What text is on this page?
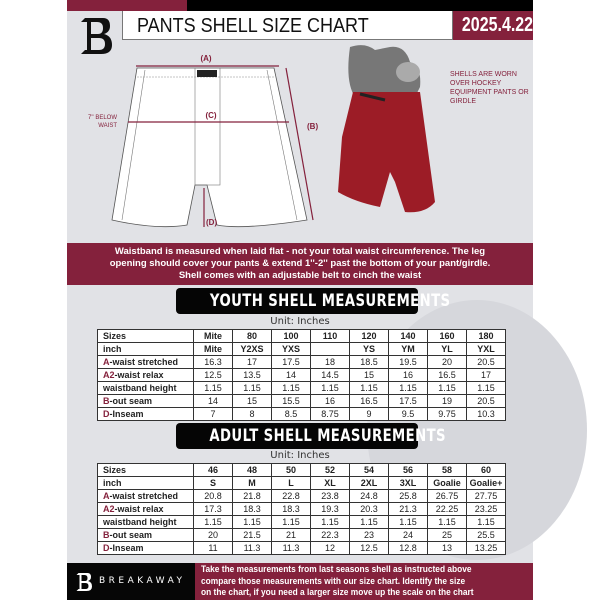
PANTS SHELL SIZE CHART	2025.4.22
(A)
(C)
(B)
(D)
7'' BELOW
WAIST
SHELLS ARE WORN OVER HOCKEY EQUIPMENT PANTS OR GIRDLE
Waistband is measured when laid flat - not your total waist circumference. The leg
opening should cover your pants & extend 1''-2'' past the bottom of your pant/girdle.
Shell comes with an adjustable belt to cinch the waist
YOUTH SHELL MEASUREMENTS
Unit: Inches
Sizes	Mite	80	100	110	120	140	160	180
inch	Mite	Y2XS	YXS		YS	YM	YL	YXL
A-waist stretched	16.3	17	17.5	18	18.5	19.5	20	20.5
A2-waist relax	12.5	13.5	14	14.5	15	16	16.5	17
waistband height	1.15	1.15	1.15	1.15	1.15	1.15	1.15	1.15
B-out seam	14	15	15.5	16	16.5	17.5	19	20.5
D-Inseam	7	8	8.5	8.75	9	9.5	9.75	10.3
ADULT SHELL MEASUREMENTS
Unit: Inches
Sizes	46	48	50	52	54	56	58	60
inch	S	M	L	XL	2XL	3XL	Goalie	Goalie+
A-waist stretched	20.8	21.8	22.8	23.8	24.8	25.8	26.75	27.75
A2-waist relax	17.3	18.3	18.3	19.3	20.3	21.3	22.25	23.25
waistband height	1.15	1.15	1.15	1.15	1.15	1.15	1.15	1.15
B-out seam	20	21.5	21	22.3	23	24	25	25.5
D-Inseam	11	11.3	11.3	12	12.5	12.8	13	13.25
BREAKAWAY
Take the measurements from last seasons shell as instructed above
compare those measurements with our size chart. Identify the size
on the chart, if you need a larger size move up the scale on the chart
